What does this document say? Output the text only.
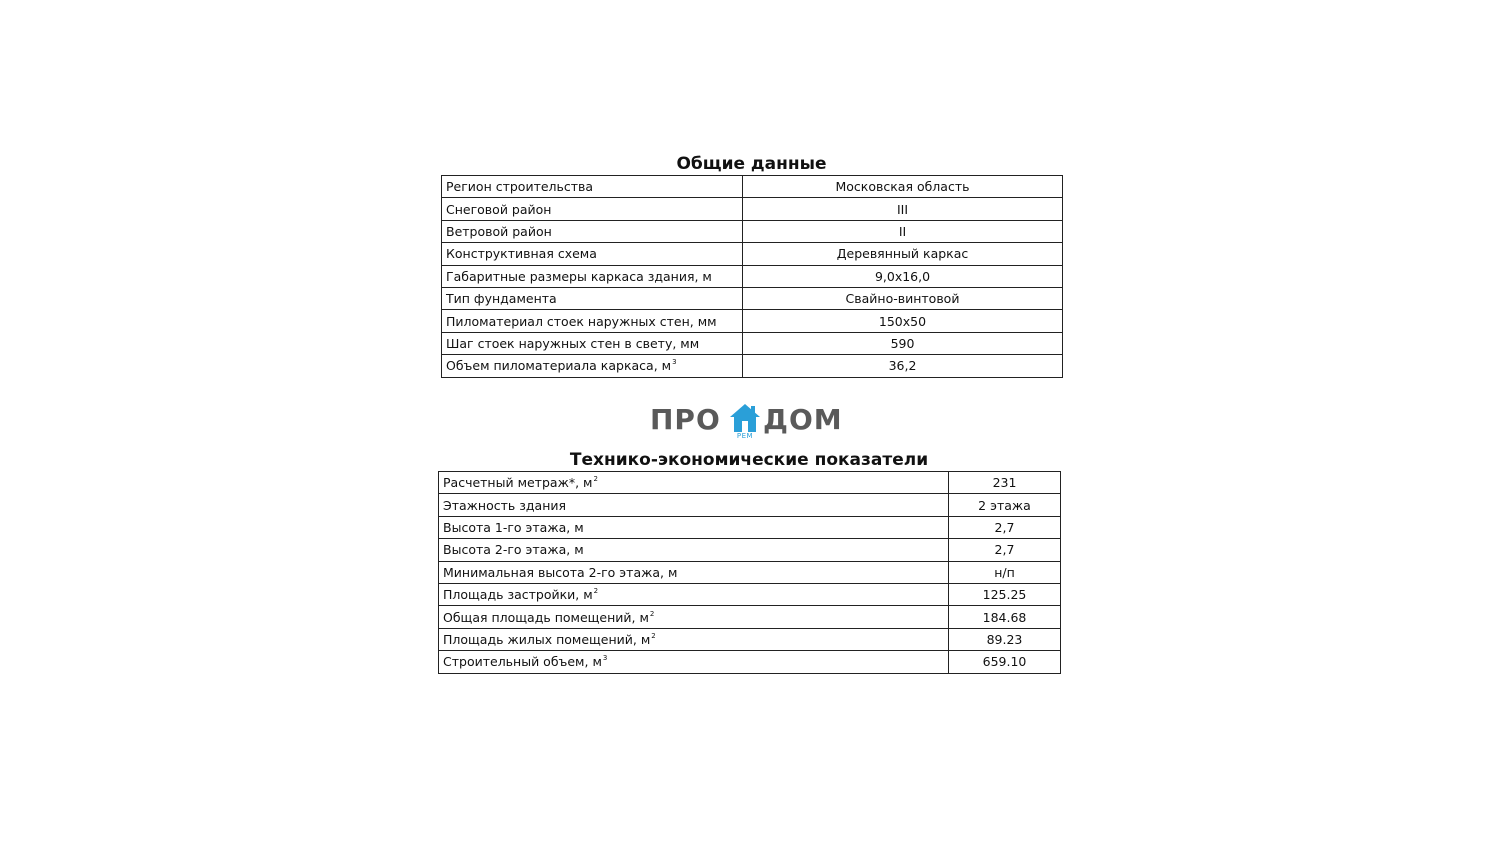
Общие данные
Регион строительства	Московская область
Снеговой район	III
Ветровой район	II
Конструктивная схема	Деревянный каркас
Габаритные размеры каркаса здания, м	9,0x16,0
Тип фундамента	Свайно-винтовой
Пиломатериал стоек наружных стен, мм	150x50
Шаг стоек наружных стен в свету, мм	590
Объем пиломатериала каркаса, $м^3$	36,2
ПРО	РЕМ ДОМ
Технико-экономические показатели
Расчетный метраж*, $м^2$	231
Этажность здания	2 этажа
Высота 1-го этажа, м	2,7
Высота 2-го этажа, м	2,7
Минимальная высота 2-го этажа, м	н/п
Площадь застройки, $м^2$	125.25
Общая площадь помещений, $м^2$	184.68
Площадь жилых помещений, $м^2$	89.23
Строительный объем, $м^3$	659.10
